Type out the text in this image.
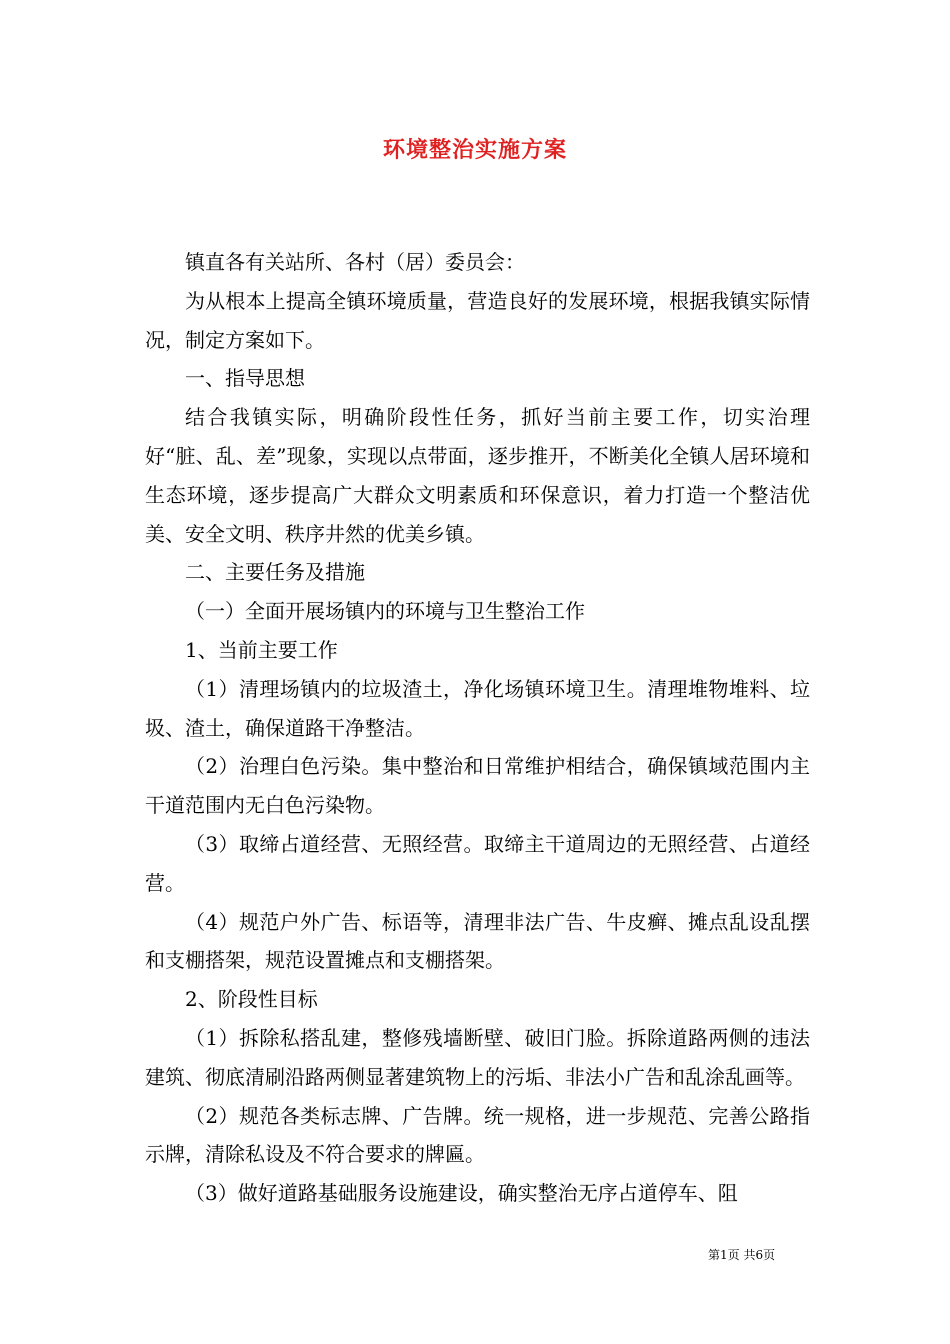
环境整治实施方案

镇直各有关站所、各村（居）委员会：

为从根本上提高全镇环境质量，营造良好的发展环境，根据我镇实际情况，制定方案如下。

一、指导思想

结合我镇实际，明确阶段性任务，抓好当前主要工作，切实治理好“脏、乱、差”现象，实现以点带面，逐步推开，不断美化全镇人居环境和生态环境，逐步提高广大群众文明素质和环保意识，着力打造一个整洁优美、安全文明、秩序井然的优美乡镇。

二、主要任务及措施

（一）全面开展场镇内的环境与卫生整治工作

1、当前主要工作

（1）清理场镇内的垃圾渣土，净化场镇环境卫生。清理堆物堆料、垃圾、渣土，确保道路干净整洁。

（2）治理白色污染。集中整治和日常维护相结合，确保镇域范围内主干道范围内无白色污染物。

（3）取缔占道经营、无照经营。取缔主干道周边的无照经营、占道经营。

（4）规范户外广告、标语等，清理非法广告、牛皮癣、摊点乱设乱摆和支棚搭架，规范设置摊点和支棚搭架。

2、阶段性目标

（1）拆除私搭乱建，整修残墙断壁、破旧门脸。拆除道路两侧的违法建筑、彻底清刷沿路两侧显著建筑物上的污垢、非法小广告和乱涂乱画等。

（2）规范各类标志牌、广告牌。统一规格，进一步规范、完善公路指示牌，清除私设及不符合要求的牌匾。

（3）做好道路基础服务设施建设，确实整治无序占道停车、阻

第1页 共6页
